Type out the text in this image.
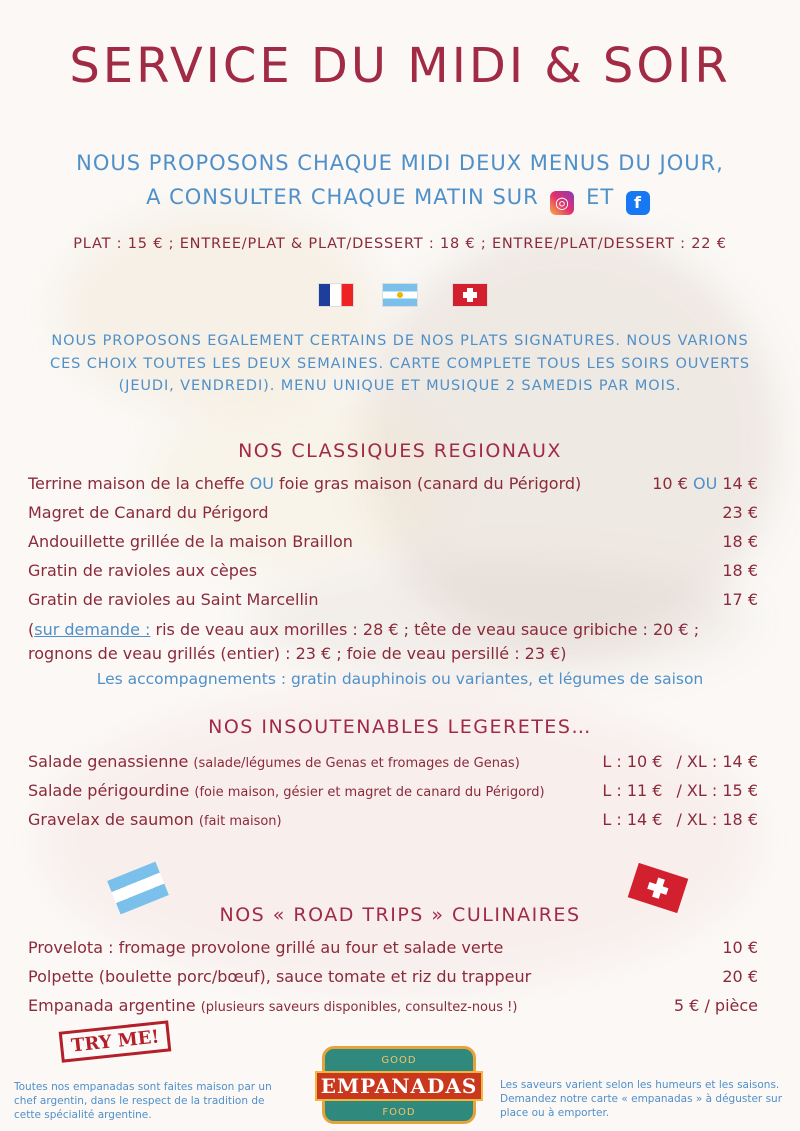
SERVICE DU MIDI & SOIR
NOUS PROPOSONS CHAQUE MIDI DEUX MENUS DU JOUR,
A CONSULTER CHAQUE MATIN SUR ◎ ET f
PLAT : 15 € ; ENTREE/PLAT & PLAT/DESSERT : 18 € ; ENTREE/PLAT/DESSERT : 22 €
NOUS PROPOSONS EGALEMENT CERTAINS DE NOS PLATS SIGNATURES. NOUS VARIONS
CES CHOIX TOUTES LES DEUX SEMAINES. CARTE COMPLETE TOUS LES SOIRS OUVERTS
(JEUDI, VENDREDI). MENU UNIQUE ET MUSIQUE 2 SAMEDIS PAR MOIS.
NOS CLASSIQUES REGIONAUX
Terrine maison de la cheffe OU foie gras maison (canard du Périgord)	10 € OU 14 €
Magret de Canard du Périgord	23 €
Andouillette grillée de la maison Braillon	18 €
Gratin de ravioles aux cèpes	18 €
Gratin de ravioles au Saint Marcellin	17 €
(sur demande : ris de veau aux morilles : 28 € ; tête de veau sauce gribiche : 20 € ;
rognons de veau grillés (entier) : 23 € ; foie de veau persillé : 23 €)
Les accompagnements : gratin dauphinois ou variantes, et légumes de saison
NOS INSOUTENABLES LEGERETES…
Salade genassienne (salade/légumes de Genas et fromages de Genas)	L : 10 € / XL : 14 €
Salade périgourdine (foie maison, gésier et magret de canard du Périgord)	L : 11 € / XL : 15 €
Gravelax de saumon (fait maison)	L : 14 € / XL : 18 €
NOS « ROAD TRIPS » CULINAIRES
Provelota : fromage provolone grillé au four et salade verte	10 €
Polpette (boulette porc/bœuf), sauce tomate et riz du trappeur	20 €
Empanada argentine (plusieurs saveurs disponibles, consultez-nous !)	5 € / pièce
TRY ME!
Toutes nos empanadas sont faites maison par un chef argentin, dans le respect de la tradition de cette spécialité argentine.
GOOD
EMPANADAS
FOOD
Les saveurs varient selon les humeurs et les saisons. Demandez notre carte « empanadas » à déguster sur place ou à emporter.
